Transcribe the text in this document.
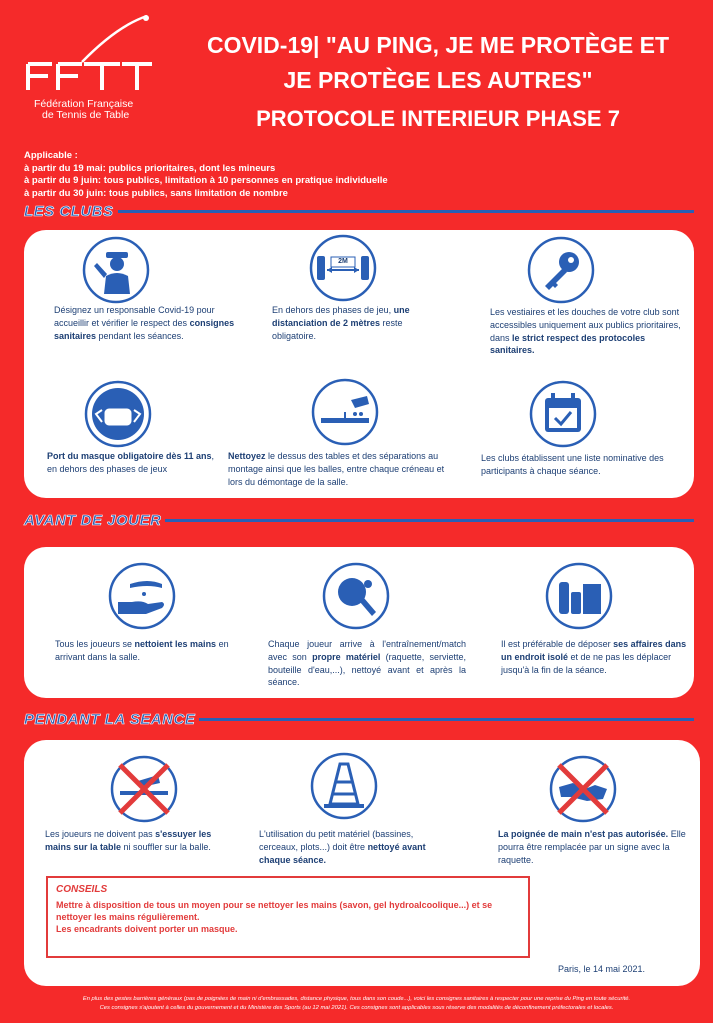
Fédération Française
de Tennis de Table
COVID-19| "AU PING, JE ME PROTÈGE ET
JE PROTÈGE LES AUTRES"
PROTOCOLE INTERIEUR PHASE 7
Applicable :
à partir du 19 mai: publics prioritaires, dont les mineurs
à partir du 9 juin: tous publics, limitation à 10 personnes en pratique individuelle
à partir du 30 juin: tous publics, sans limitation de nombre
LES CLUBS
Désignez un responsable Covid-19 pour accueillir et vérifier le respect des consignes sanitaires pendant les séances.
2M
En dehors des phases de jeu, une distanciation de 2 mètres reste obligatoire.
Les vestiaires et les douches de votre club sont accessibles uniquement aux publics prioritaires, dans le strict respect des protocoles sanitaires.
Port du masque obligatoire dès 11 ans, en dehors des phases de jeux
Nettoyez le dessus des tables et des séparations au montage ainsi que les balles, entre chaque créneau et lors du démontage de la salle.
Les clubs établissent une liste nominative des participants à chaque séance.
AVANT DE JOUER
Tous les joueurs se nettoient les mains en arrivant dans la salle.
Chaque joueur arrive à l'entraînement/match avec son propre matériel (raquette, serviette, bouteille d'eau,...), nettoyé avant et après la séance.
Il est préférable de déposer ses affaires dans un endroit isolé et de ne pas les déplacer jusqu'à la fin de la séance.
PENDANT LA SEANCE
Les joueurs ne doivent pas s'essuyer les mains sur la table ni souffler sur la balle.
L'utilisation du petit matériel (bassines, cerceaux, plots...) doit être nettoyé avant chaque séance.
La poignée de main n'est pas autorisée. Elle pourra être remplacée par un signe avec la raquette.
CONSEILS
Mettre à disposition de tous un moyen pour se nettoyer les mains (savon, gel hydroalcoolique...) et se nettoyer les mains régulièrement.
Les encadrants doivent porter un masque.
Paris, le 14 mai 2021.
En plus des gestes barrières généraux (pas de poignées de main ni d'embrassades, distance physique, tous dans son coude...), voici les consignes sanitaires à respecter pour une reprise du Ping en toute sécurité.
Ces consignes s'ajoutent à celles du gouvernement et du Ministère des Sports (au 12 mai 2021). Ces consignes sont applicables sous réserve des modalités de déconfinement préfectorales et locales.
